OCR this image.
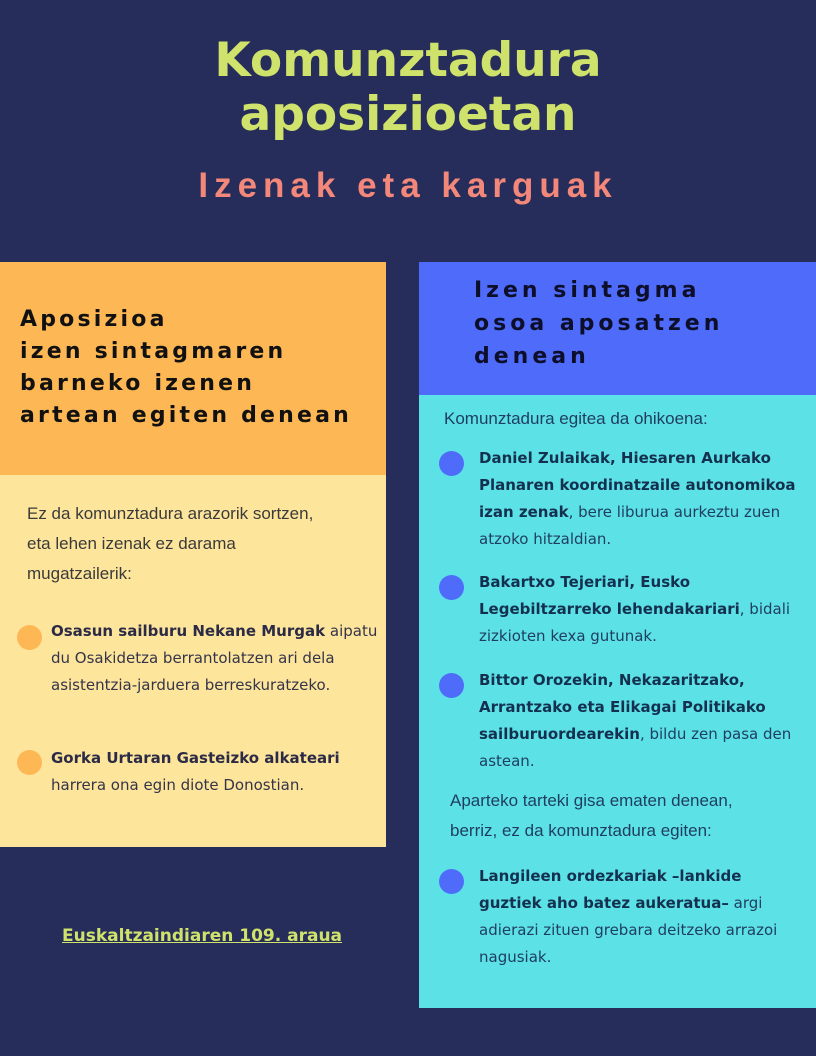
Komunztadura
aposizioetan
Izenak eta karguak
Aposizioa
izen sintagmaren
barneko izenen
artean egiten denean

Ez da komunztadura arazorik sortzen,
eta lehen izenak ez darama
mugatzailerik:

Osasun sailburu Nekane Murgak aipatu du Osakidetza berrantolatzen ari dela asistentzia-jarduera berreskuratzeko.
Gorka Urtaran Gasteizko alkateari harrera ona egin diote Donostian.
Euskaltzaindiaren 109. araua
Izen sintagma
osoa aposatzen
denean

Komunztadura egitea da ohikoena:

Daniel Zulaikak, Hiesaren Aurkako Planaren koordinatzaile autonomikoa izan zenak, bere liburua aurkeztu zuen atzoko hitzaldian.
Bakartxo Tejeriari, Eusko Legebiltzarreko lehendakariari, bidali zizkioten kexa gutunak.
Bittor Orozekin, Nekazaritzako, Arrantzako eta Elikagai Politikako sailburuordearekin, bildu zen pasa den astean.

Aparteko tarteki gisa ematen denean,
berriz, ez da komunztadura egiten:

Langileen ordezkariak –lankide guztiek aho batez aukeratua– argi adierazi zituen grebara deitzeko arrazoi nagusiak.
